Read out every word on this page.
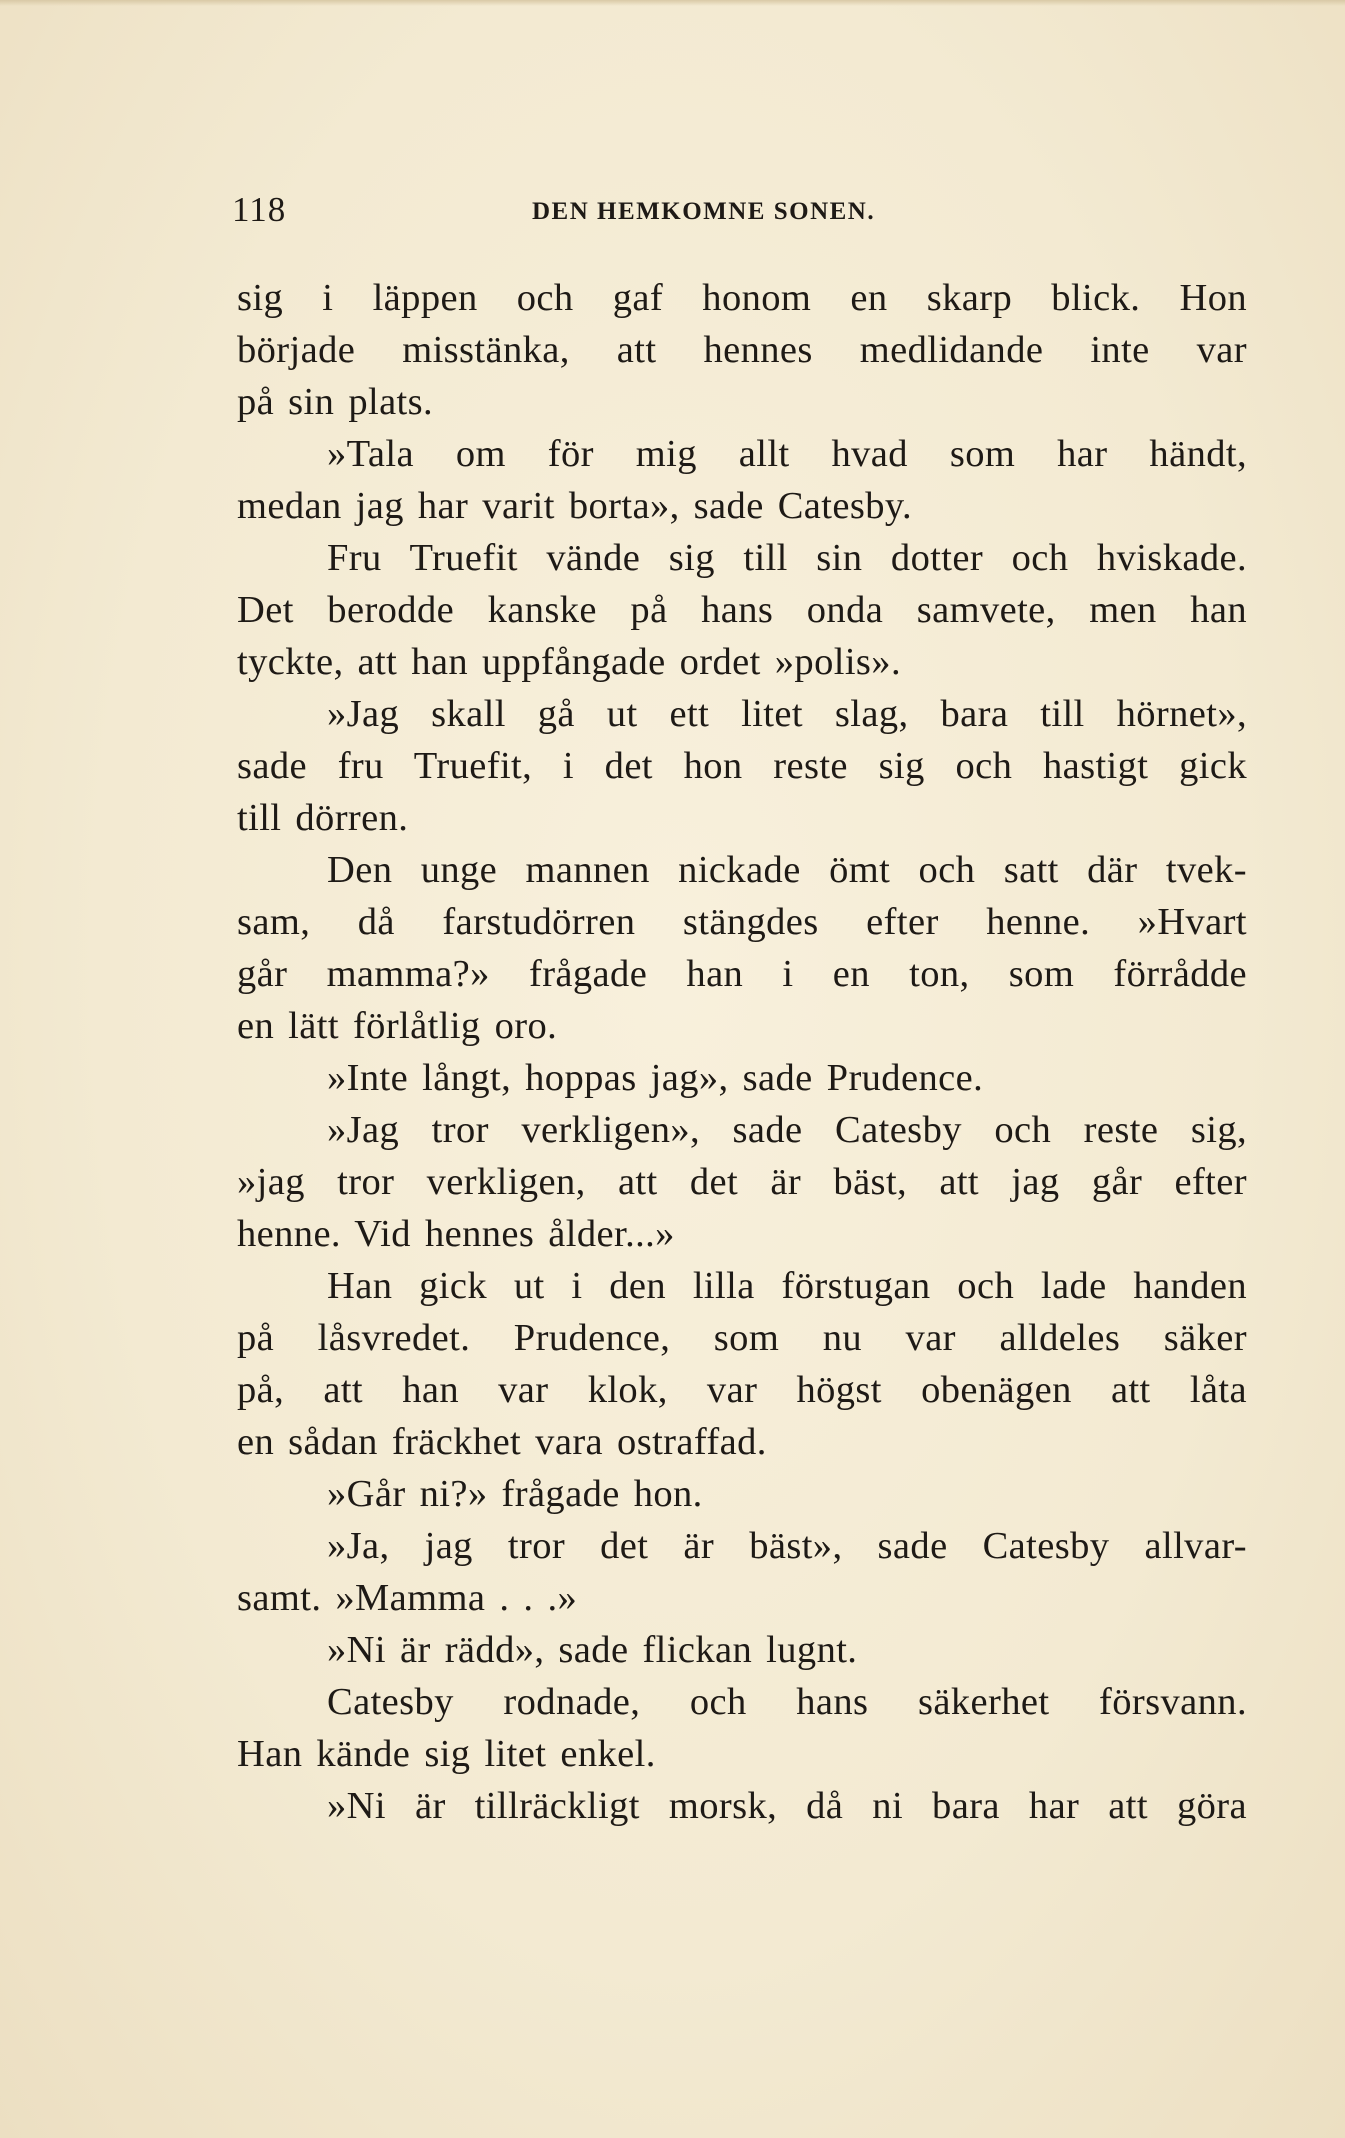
118	DEN HEMKOMNE SONEN.
sig i läppen och gaf honom en skarp blick. Hon
började misstänka, att hennes medlidande inte var
på sin plats.
»Tala om för mig allt hvad som har händt,
medan jag har varit borta», sade Catesby.
Fru Truefit vände sig till sin dotter och hviskade.
Det berodde kanske på hans onda samvete, men han
tyckte, att han uppfångade ordet »polis».
»Jag skall gå ut ett litet slag, bara till hörnet»,
sade fru Truefit, i det hon reste sig och hastigt gick
till dörren.
Den unge mannen nickade ömt och satt där tvek-
sam, då farstudörren stängdes efter henne. »Hvart
går mamma?» frågade han i en ton, som förrådde
en lätt förlåtlig oro.
»Inte långt, hoppas jag», sade Prudence.
»Jag tror verkligen», sade Catesby och reste sig,
»jag tror verkligen, att det är bäst, att jag går efter
henne. Vid hennes ålder...»
Han gick ut i den lilla förstugan och lade handen
på låsvredet. Prudence, som nu var alldeles säker
på, att han var klok, var högst obenägen att låta
en sådan fräckhet vara ostraffad.
»Går ni?» frågade hon.
»Ja, jag tror det är bäst», sade Catesby allvar-
samt. »Mamma . . .»
»Ni är rädd», sade flickan lugnt.
Catesby rodnade, och hans säkerhet försvann.
Han kände sig litet enkel.
»Ni är tillräckligt morsk, då ni bara har att göra
